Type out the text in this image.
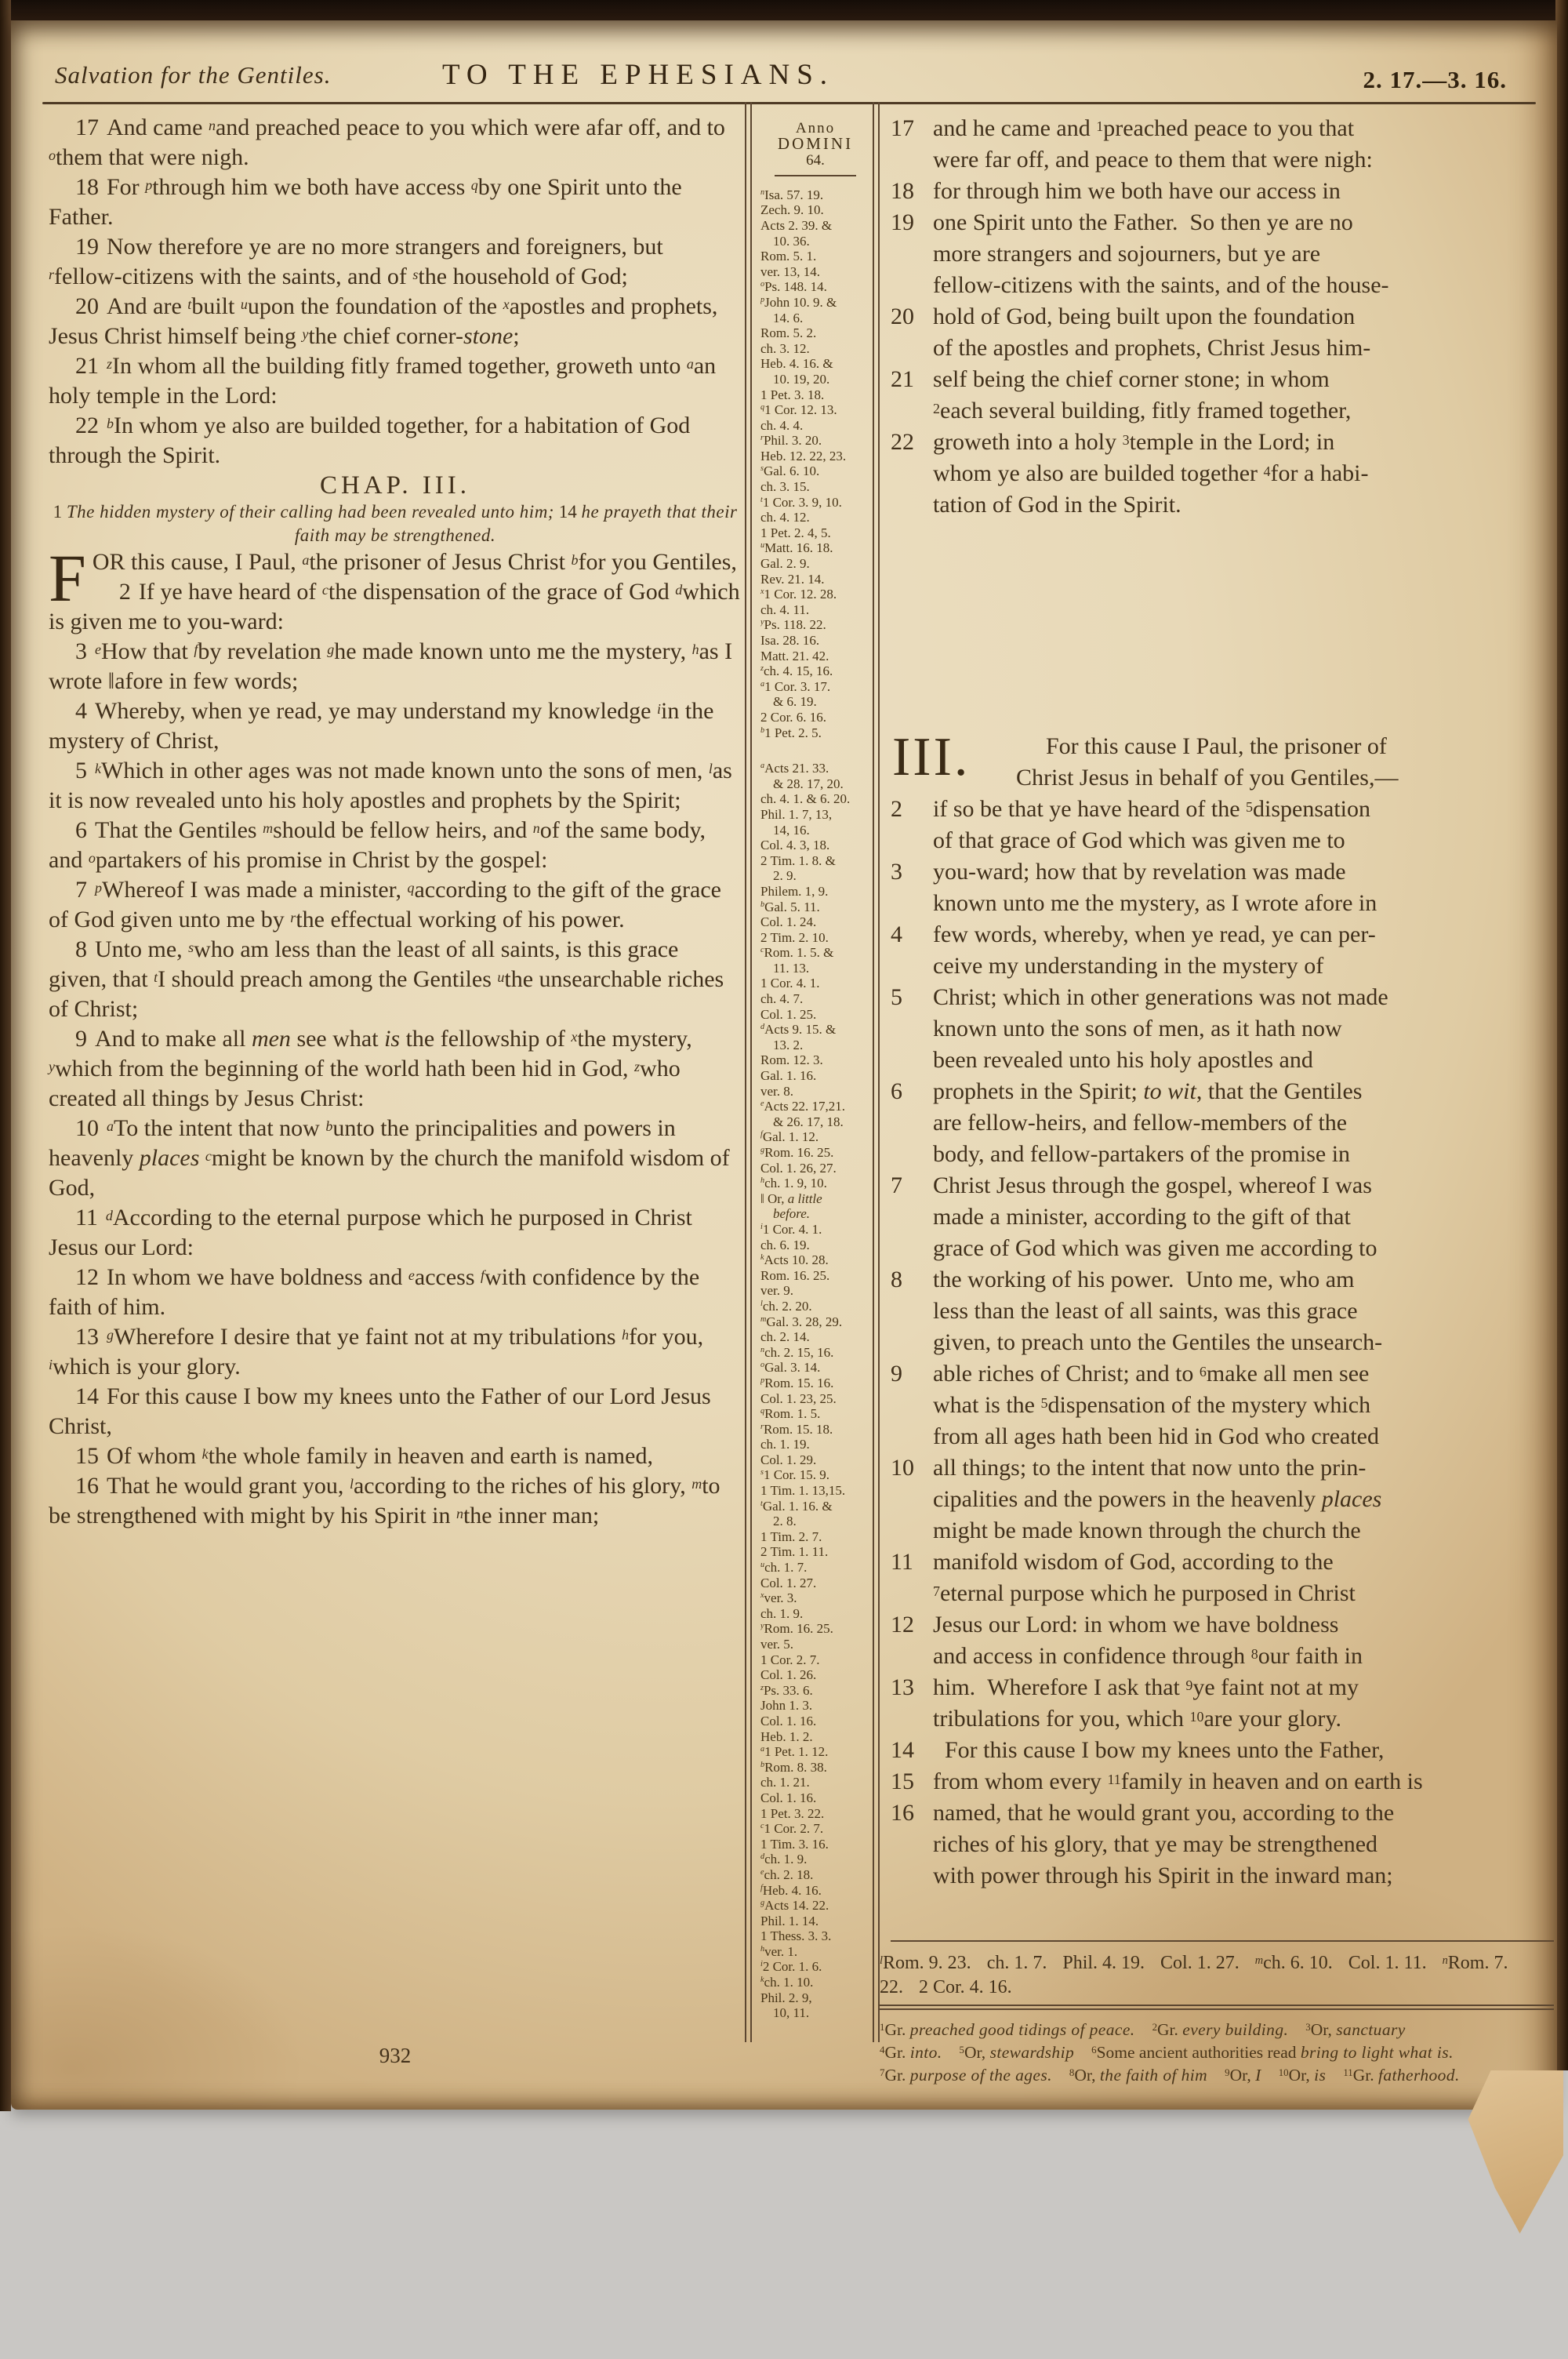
Salvation for the Gentiles.	TO THE EPHESIANS.	2. 17.—3. 16.

17 And came $^n$and preached peace to you which were afar off, and to $^o$them that were nigh.

18 For $^p$through him we both have access $^q$by one Spirit unto the Father.

19 Now therefore ye are no more strangers and foreigners, but $^r$fellow-citizens with the saints, and of $^s$the household of God;

20 And are $^t$built $^u$upon the foundation of the $^x$apostles and prophets, Jesus Christ himself being $^y$the chief corner-stone;

21 $^z$In whom all the building fitly framed together, groweth unto $^a$an holy temple in the Lord:

22 $^b$In whom ye also are builded together, for a habitation of God through the Spirit.

CHAP. III.

1 The hidden mystery of their calling had been revealed unto him; 14 he prayeth that their faith may be strengthened.

FOR this cause, I Paul, $^a$the prisoner of Jesus Christ $^b$for you Gentiles,

2 If ye have heard of $^c$the dispensation of the grace of God $^d$which is given me to you-ward:

3 $^e$How that $^f$by revelation $^g$he made known unto me the mystery, $^h$as I wrote ‖afore in few words;

4 Whereby, when ye read, ye may understand my knowledge $^i$in the mystery of Christ,

5 $^k$Which in other ages was not made known unto the sons of men, $^l$as it is now revealed unto his holy apostles and prophets by the Spirit;

6 That the Gentiles $^m$should be fellow heirs, and $^n$of the same body, and $^o$partakers of his promise in Christ by the gospel:

7 $^p$Whereof I was made a minister, $^q$according to the gift of the grace of God given unto me by $^r$the effectual working of his power.

8 Unto me, $^s$who am less than the least of all saints, is this grace given, that $^t$I should preach among the Gentiles $^u$the unsearchable riches of Christ;

9 And to make all men see what is the fellowship of $^x$the mystery, $^y$which from the beginning of the world hath been hid in God, $^z$who created all things by Jesus Christ:

10 $^a$To the intent that now $^b$unto the principalities and powers in heavenly places $^c$might be known by the church the manifold wisdom of God,

11 $^d$According to the eternal purpose which he purposed in Christ Jesus our Lord:

12 In whom we have boldness and $^e$access $^f$with confidence by the faith of him.

13 $^g$Wherefore I desire that ye faint not at my tribulations $^h$for you, $^i$which is your glory.

14 For this cause I bow my knees unto the Father of our Lord Jesus Christ,

15 Of whom $^k$the whole family in heaven and earth is named,

16 That he would grant you, $^l$according to the riches of his glory, $^m$to be strengthened with might by his Spirit in $^n$the inner man;

Anno
DOMINI
64.
$^n$Isa. 57. 19.
Zech. 9. 10.
Acts 2. 39. &
10. 36.
Rom. 5. 1.
ver. 13, 14.
$^o$Ps. 148. 14.
$^p$John 10. 9. &
14. 6.
Rom. 5. 2.
ch. 3. 12.
Heb. 4. 16. &
10. 19, 20.
1 Pet. 3. 18.
$^q$1 Cor. 12. 13.
ch. 4. 4.
$^r$Phil. 3. 20.
Heb. 12. 22, 23.
$^s$Gal. 6. 10.
ch. 3. 15.
$^t$1 Cor. 3. 9, 10.
ch. 4. 12.
1 Pet. 2. 4, 5.
$^u$Matt. 16. 18.
Gal. 2. 9.
Rev. 21. 14.
$^x$1 Cor. 12. 28.
ch. 4. 11.
$^y$Ps. 118. 22.
Isa. 28. 16.
Matt. 21. 42.
$^z$ch. 4. 15, 16.
$^a$1 Cor. 3. 17.
& 6. 19.
2 Cor. 6. 16.
$^b$1 Pet. 2. 5.
$^a$Acts 21. 33.
& 28. 17, 20.
ch. 4. 1. & 6. 20.
Phil. 1. 7, 13,
14, 16.
Col. 4. 3, 18.
2 Tim. 1. 8. &
2. 9.
Philem. 1, 9.
$^b$Gal. 5. 11.
Col. 1. 24.
2 Tim. 2. 10.
$^c$Rom. 1. 5. &
11. 13.
1 Cor. 4. 1.
ch. 4. 7.
Col. 1. 25.
$^d$Acts 9. 15. &
13. 2.
Rom. 12. 3.
Gal. 1. 16.
ver. 8.
$^e$Acts 22. 17,21.
& 26. 17, 18.
$^f$Gal. 1. 12.
$^g$Rom. 16. 25.
Col. 1. 26, 27.
$^h$ch. 1. 9, 10.
‖ Or, a little
before.
$^i$1 Cor. 4. 1.
ch. 6. 19.
$^k$Acts 10. 28.
Rom. 16. 25.
ver. 9.
$^l$ch. 2. 20.
$^m$Gal. 3. 28, 29.
ch. 2. 14.
$^n$ch. 2. 15, 16.
$^o$Gal. 3. 14.
$^p$Rom. 15. 16.
Col. 1. 23, 25.
$^q$Rom. 1. 5.
$^r$Rom. 15. 18.
ch. 1. 19.
Col. 1. 29.
$^s$1 Cor. 15. 9.
1 Tim. 1. 13,15.
$^t$Gal. 1. 16. &
2. 8.
1 Tim. 2. 7.
2 Tim. 1. 11.
$^u$ch. 1. 7.
Col. 1. 27.
$^x$ver. 3.
ch. 1. 9.
$^y$Rom. 16. 25.
ver. 5.
1 Cor. 2. 7.
Col. 1. 26.
$^z$Ps. 33. 6.
John 1. 3.
Col. 1. 16.
Heb. 1. 2.
$^a$1 Pet. 1. 12.
$^b$Rom. 8. 38.
ch. 1. 21.
Col. 1. 16.
1 Pet. 3. 22.
$^c$1 Cor. 2. 7.
1 Tim. 3. 16.
$^d$ch. 1. 9.
$^e$ch. 2. 18.
$^f$Heb. 4. 16.
$^g$Acts 14. 22.
Phil. 1. 14.
1 Thess. 3. 3.
$^h$ver. 1.
$^i$2 Cor. 1. 6.
$^k$ch. 1. 10.
Phil. 2. 9,
10, 11.
17 and he came and $^1$preached peace to you that
were far off, and peace to them that were nigh:
18 for through him we both have our access in
19 one Spirit unto the Father. So then ye are no
more strangers and sojourners, but ye are
fellow-citizens with the saints, and of the house-
20 hold of God, being built upon the foundation
of the apostles and prophets, Christ Jesus him-
21 self being the chief corner stone; in whom
$^2$each several building, fitly framed together,
22 groweth into a holy $^3$temple in the Lord; in
whom ye also are builded together $^4$for a habi-
tation of God in the Spirit.
III.	For this cause I Paul, the prisoner of
Christ Jesus in behalf of you Gentiles,—
2 if so be that ye have heard of the $^5$dispensation
of that grace of God which was given me to
3 you-ward; how that by revelation was made
known unto me the mystery, as I wrote afore in
4 few words, whereby, when ye read, ye can per-
ceive my understanding in the mystery of
5 Christ; which in other generations was not made
known unto the sons of men, as it hath now
been revealed unto his holy apostles and
6 prophets in the Spirit; to wit, that the Gentiles
are fellow-heirs, and fellow-members of the
body, and fellow-partakers of the promise in
7 Christ Jesus through the gospel, whereof I was
made a minister, according to the gift of that
grace of God which was given me according to
8 the working of his power. Unto me, who am
less than the least of all saints, was this grace
given, to preach unto the Gentiles the unsearch-
9 able riches of Christ; and to $^6$make all men see
what is the $^5$dispensation of the mystery which
from all ages hath been hid in God who created
10 all things; to the intent that now unto the prin-
cipalities and the powers in the heavenly places
might be made known through the church the
11 manifold wisdom of God, according to the
$^7$eternal purpose which he purposed in Christ
12 Jesus our Lord: in whom we have boldness
and access in confidence through $^8$our faith in
13 him. Wherefore I ask that $^9$ye faint not at my
tribulations for you, which $^{10}$are your glory.
14  For this cause I bow my knees unto the Father,
15 from whom every $^{11}$family in heaven and on earth is
16 named, that he would grant you, according to the
riches of his glory, that ye may be strengthened
with power through his Spirit in the inward man;
$^l$Rom. 9. 23. ch. 1. 7. Phil. 4. 19. Col. 1. 27. $^m$ch. 6. 10. Col. 1. 11. $^n$Rom. 7. 22. 2 Cor. 4. 16.
$^1$Gr. preached good tidings of peace. $^2$Gr. every building. $^3$Or, sanctuary
$^4$Gr. into. $^5$Or, stewardship $^6$Some ancient authorities read bring to light what is.
$^7$Gr. purpose of the ages. $^8$Or, the faith of him $^9$Or, I $^{10}$Or, is $^{11}$Gr. fatherhood.
932
